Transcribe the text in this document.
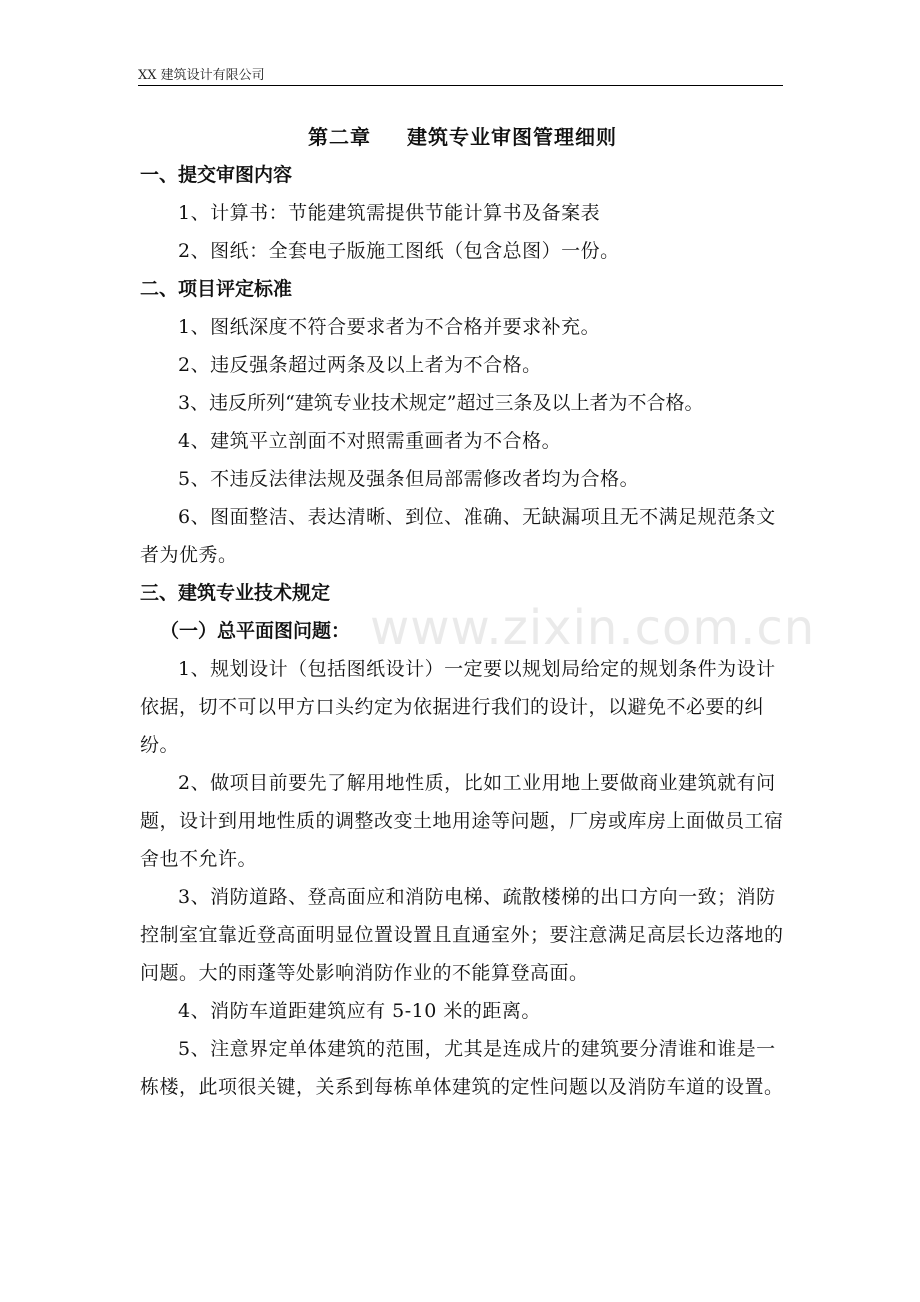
XX 建筑设计有限公司
www.zixin.com.cn
第二章 建筑专业审图管理细则
一、提交审图内容

1、计算书：节能建筑需提供节能计算书及备案表

2、图纸：全套电子版施工图纸（包含总图）一份。

二、项目评定标准

1、图纸深度不符合要求者为不合格并要求补充。

2、违反强条超过两条及以上者为不合格。

3、违反所列“建筑专业技术规定”超过三条及以上者为不合格。

4、建筑平立剖面不对照需重画者为不合格。

5、不违反法律法规及强条但局部需修改者均为合格。

6、图面整洁、表达清晰、到位、准确、无缺漏项且无不满足规范条文者为优秀。

三、建筑专业技术规定
（一）总平面图问题：

1、规划设计（包括图纸设计）一定要以规划局给定的规划条件为设计依据，切不可以甲方口头约定为依据进行我们的设计，以避免不必要的纠纷。

2、做项目前要先了解用地性质，比如工业用地上要做商业建筑就有问题，设计到用地性质的调整改变土地用途等问题，厂房或库房上面做员工宿舍也不允许。

3、消防道路、登高面应和消防电梯、疏散楼梯的出口方向一致；消防控制室宜靠近登高面明显位置设置且直通室外；要注意满足高层长边落地的问题。大的雨蓬等处影响消防作业的不能算登高面。

4、消防车道距建筑应有 5-10 米的距离。

5、注意界定单体建筑的范围，尤其是连成片的建筑要分清谁和谁是一栋楼，此项很关键，关系到每栋单体建筑的定性问题以及消防车道的设置。
